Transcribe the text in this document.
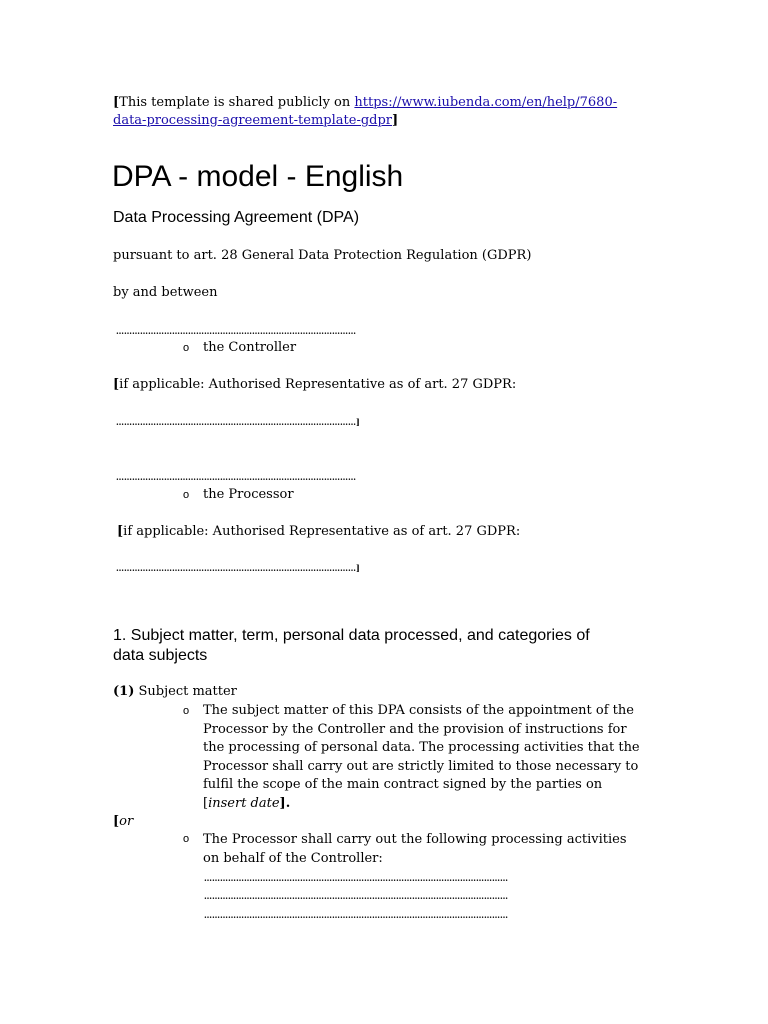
[This template is shared publicly on https://www.iubenda.com/en/help/7680-
data-processing-agreement-template-gdpr]
DPA - model - English
Data Processing Agreement (DPA)
pursuant to art. 28 General Data Protection Regulation (GDPR)
by and between
………………………………………………………………………………
o the Controller
[if applicable: Authorised Representative as of art. 27 GDPR:
………………………………………………………………………………]
………………………………………………………………………………
o the Processor
[if applicable: Authorised Representative as of art. 27 GDPR:
………………………………………………………………………………]
1. Subject matter, term, personal data processed, and categories of
data subjects
(1) Subject matter
o The subject matter of this DPA consists of the appointment of the Processor by the Controller and the provision of instructions for the processing of personal data. The processing activities that the Processor shall carry out are strictly limited to those necessary to fulfil the scope of the main contract signed by the parties on [insert date].
[or
o The Processor shall carry out the following processing activities on behalf of the Controller:
……………………………………………………………………………………………………
……………………………………………………………………………………………………
……………………………………………………………………………………………………
